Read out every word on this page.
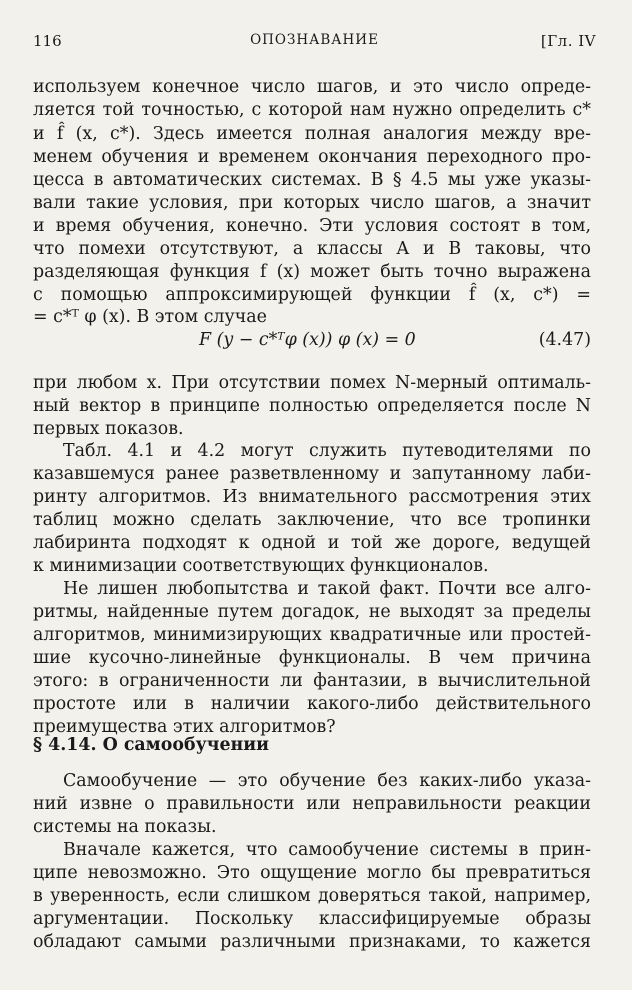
116	ОПОЗНАВАНИЕ	[Гл. IV
используем конечное число шагов, и это число опреде-
ляется той точностью, с которой нам нужно определить c*
и f̂ (x, c*). Здесь имеется полная аналогия между вре-
менем обучения и временем окончания переходного про-
цесса в автоматических системах. В § 4.5 мы уже указы-
вали такие условия, при которых число шагов, а значит
и время обучения, конечно. Эти условия состоят в том,
что помехи отсутствуют, а классы A и B таковы, что
разделяющая функция f (x) может быть точно выражена
с помощью аппроксимирующей функции f̂ (x, c*) =
= c*ᵀ φ (x). В этом случае
F (y − c*ᵀφ (x)) φ (x) = 0	(4.47)
при любом x. При отсутствии помех N-мерный оптималь-
ный вектор в принципе полностью определяется после N
первых показов.
Табл. 4.1 и 4.2 могут служить путеводителями по
казавшемуся ранее разветвленному и запутанному лаби-
ринту алгоритмов. Из внимательного рассмотрения этих
таблиц можно сделать заключение, что все тропинки
лабиринта подходят к одной и той же дороге, ведущей
к минимизации соответствующих функционалов.
Не лишен любопытства и такой факт. Почти все алго-
ритмы, найденные путем догадок, не выходят за пределы
алгоритмов, минимизирующих квадратичные или простей-
шие кусочно-линейные функционалы. В чем причина
этого: в ограниченности ли фантазии, в вычислительной
простоте или в наличии какого-либо действительного
преимущества этих алгоритмов?
§ 4.14. О самообучении
Самообучение — это обучение без каких-либо указа-
ний извне о правильности или неправильности реакции
системы на показы.
Вначале кажется, что самообучение системы в прин-
ципе невозможно. Это ощущение могло бы превратиться
в уверенность, если слишком доверяться такой, например,
аргументации. Поскольку классифицируемые образы
обладают самыми различными признаками, то кажется
